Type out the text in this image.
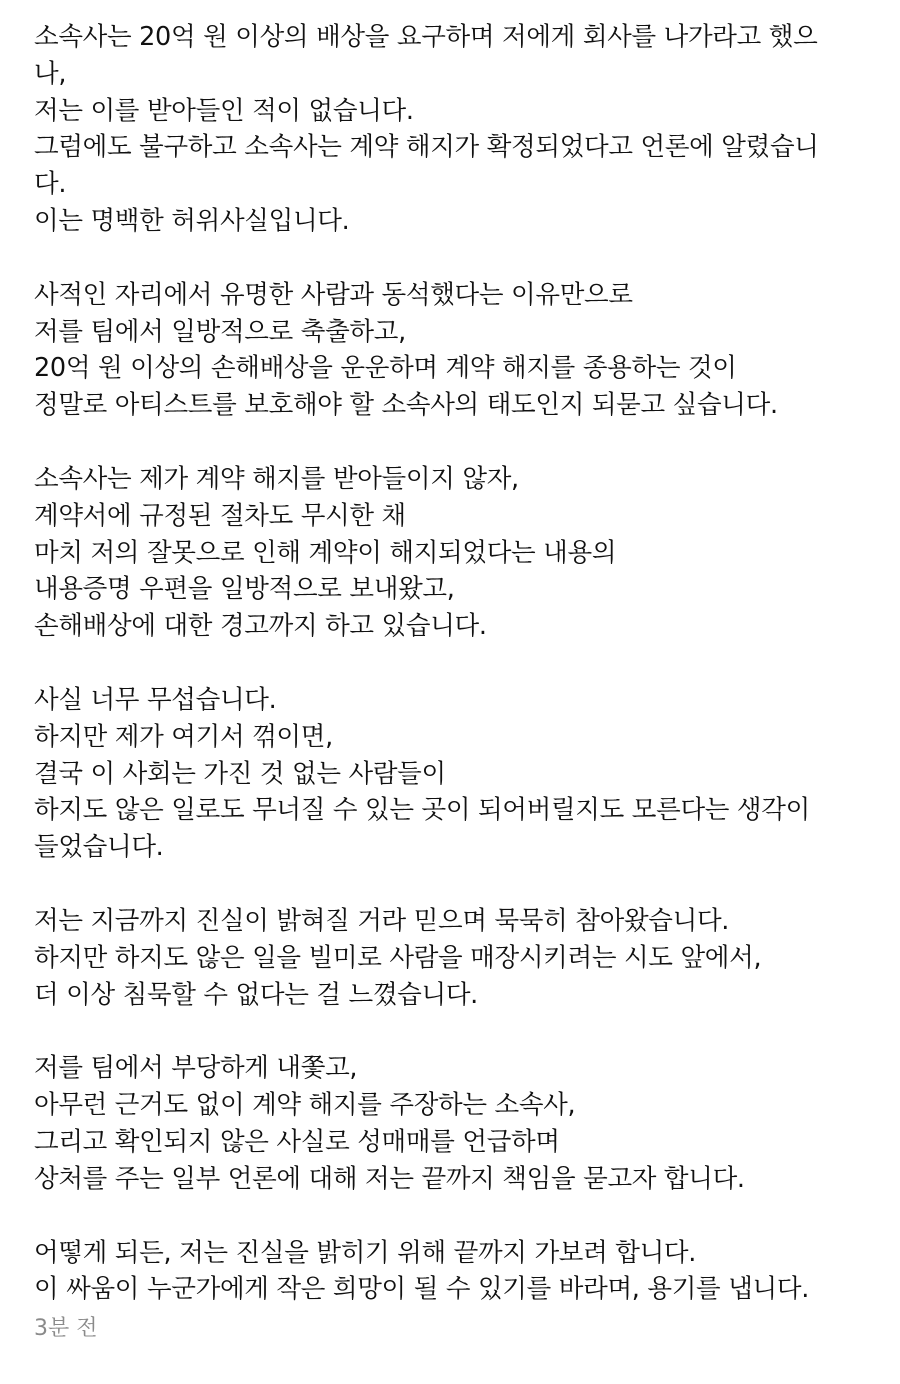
소속사는 20억 원 이상의 배상을 요구하며 저에게 회사를 나가라고 했으
나,
저는 이를 받아들인 적이 없습니다.
그럼에도 불구하고 소속사는 계약 해지가 확정되었다고 언론에 알렸습니
다.
이는 명백한 허위사실입니다.
사적인 자리에서 유명한 사람과 동석했다는 이유만으로
저를 팀에서 일방적으로 축출하고,
20억 원 이상의 손해배상을 운운하며 계약 해지를 종용하는 것이
정말로 아티스트를 보호해야 할 소속사의 태도인지 되묻고 싶습니다.
소속사는 제가 계약 해지를 받아들이지 않자,
계약서에 규정된 절차도 무시한 채
마치 저의 잘못으로 인해 계약이 해지되었다는 내용의
내용증명 우편을 일방적으로 보내왔고,
손해배상에 대한 경고까지 하고 있습니다.
사실 너무 무섭습니다.
하지만 제가 여기서 꺾이면,
결국 이 사회는 가진 것 없는 사람들이
하지도 않은 일로도 무너질 수 있는 곳이 되어버릴지도 모른다는 생각이
들었습니다.
저는 지금까지 진실이 밝혀질 거라 믿으며 묵묵히 참아왔습니다.
하지만 하지도 않은 일을 빌미로 사람을 매장시키려는 시도 앞에서,
더 이상 침묵할 수 없다는 걸 느꼈습니다.
저를 팀에서 부당하게 내쫓고,
아무런 근거도 없이 계약 해지를 주장하는 소속사,
그리고 확인되지 않은 사실로 성매매를 언급하며
상처를 주는 일부 언론에 대해 저는 끝까지 책임을 묻고자 합니다.
어떻게 되든, 저는 진실을 밝히기 위해 끝까지 가보려 합니다.
이 싸움이 누군가에게 작은 희망이 될 수 있기를 바라며, 용기를 냅니다.
3분 전
